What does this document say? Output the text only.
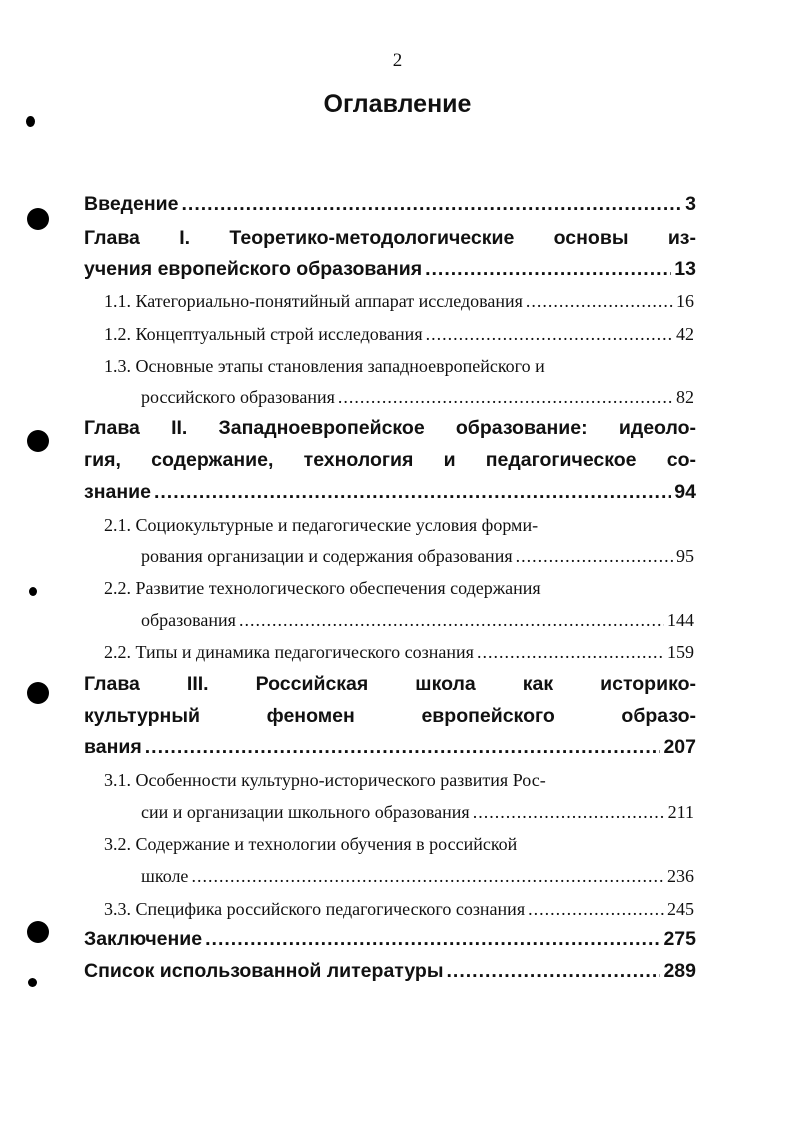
2
Оглавление
Введение .....	3
Глава I. Теоретико-методологические основы из-
учения европейского образования .....	13
1.1. Категориально-понятийный аппарат исследования .....	16
1.2. Концептуальный строй исследования .....	42
1.3. Основные этапы становления западноевропейского и
российского образования .....	82
Глава II. Западноевропейское образование: идеоло-
гия, содержание, технология и педагогическое со-
знание .....	94
2.1. Социокультурные и педагогические условия форми-
рования организации и содержания образования .....	95
2.2. Развитие технологического обеспечения содержания
образования .....	144
2.2. Типы и динамика педагогического сознания .....	159
Глава III. Российская школа как историко-
культурный феномен европейского образо-
вания .....	207
3.1. Особенности культурно-исторического развития Рос-
сии и организации школьного образования .....	211
3.2. Содержание и технологии обучения в российской
школе .....	236
3.3. Специфика российского педагогического сознания .....	245
Заключение .....	275
Список использованной литературы .....	289
